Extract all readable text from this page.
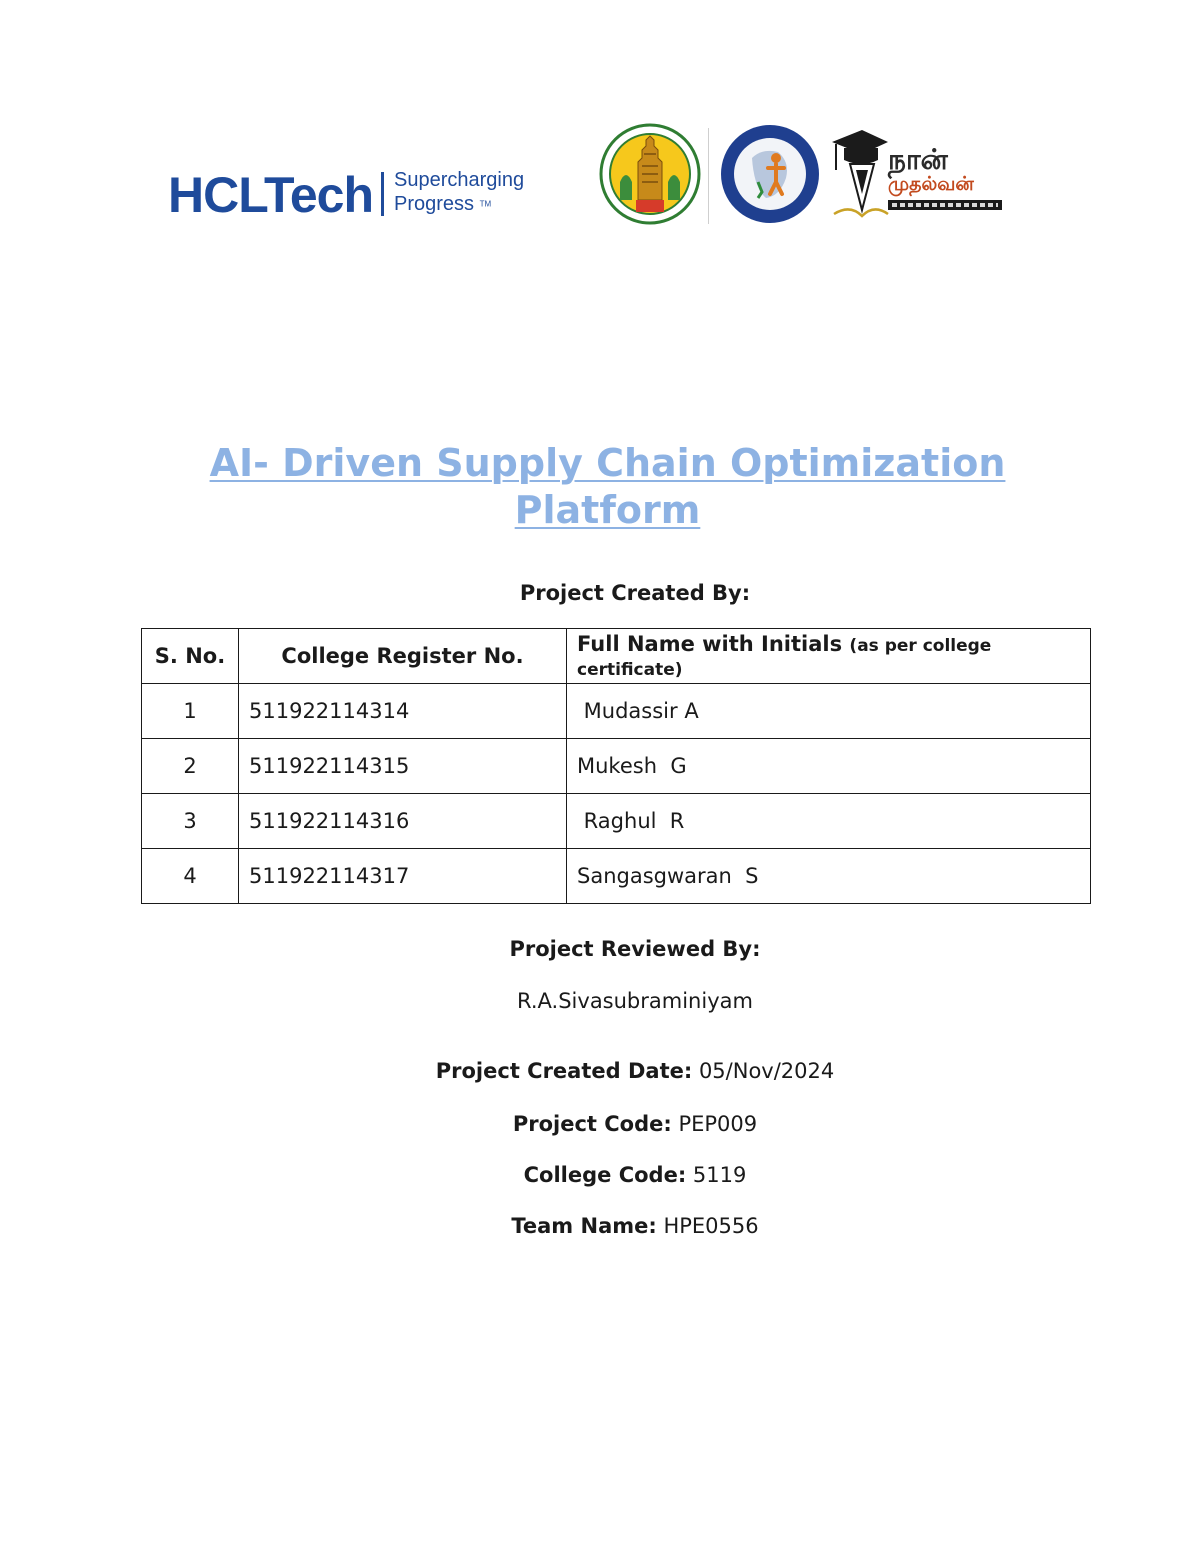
HCLTech Supercharging
Progress TM
நான்
முதல்வன்
AI- Driven Supply Chain Optimization
Platform
Project Created By:
S. No.	College Register No.	Full Name with Initials (as per college certificate)
1	511922114314	Mudassir A
2	511922114315	Mukesh  G
3	511922114316	Raghul  R
4	511922114317	Sangasgwaran  S
Project Reviewed By:
R.A.Sivasubraminiyam
Project Created Date: 05/Nov/2024
Project Code: PEP009
College Code: 5119
Team Name: HPE0556
